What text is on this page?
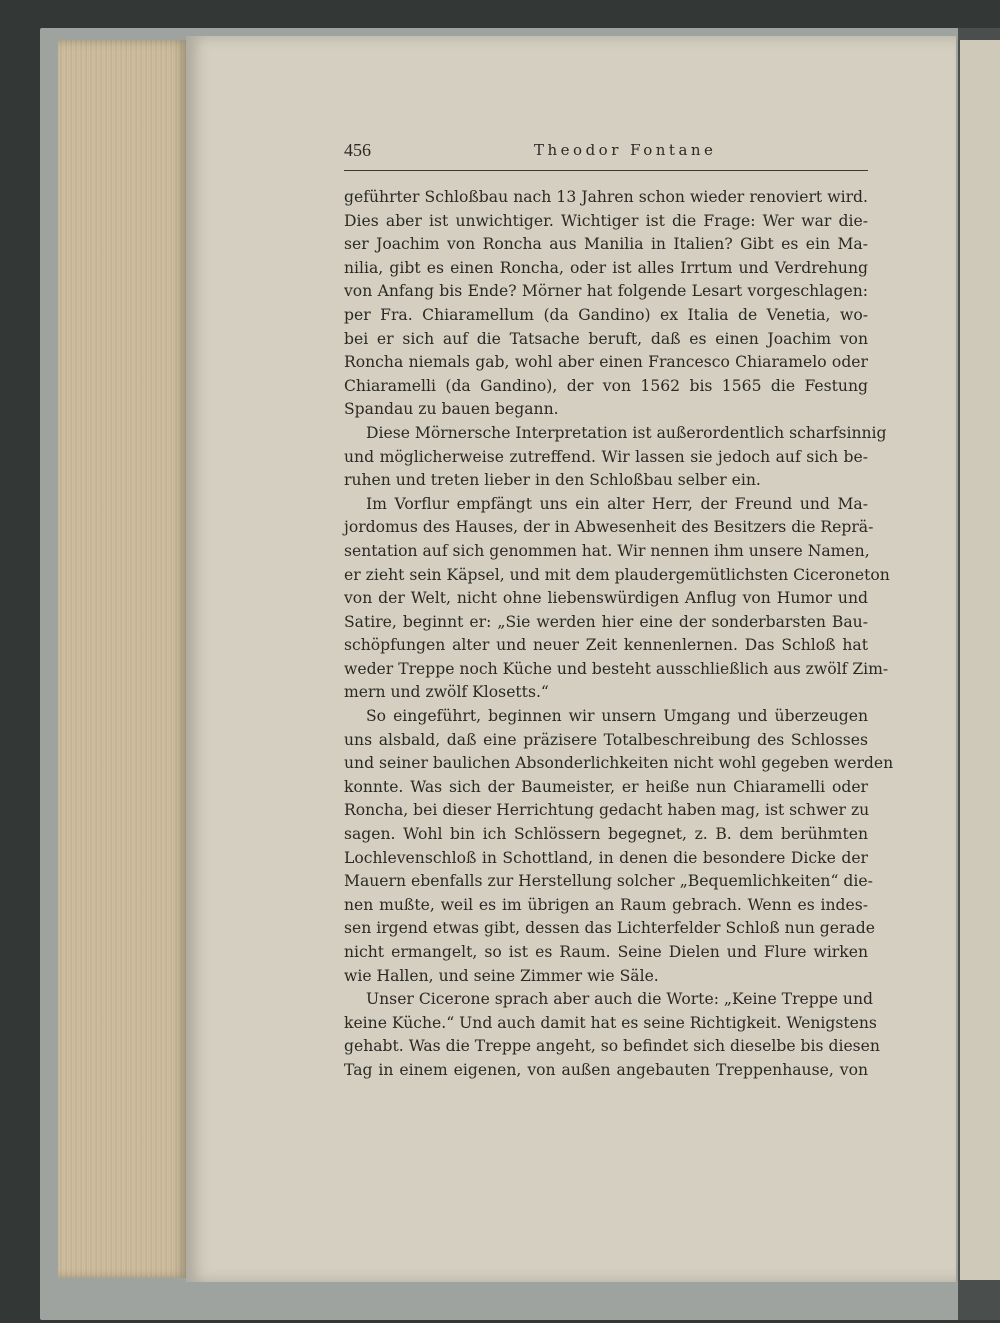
456	Theodor Fontane
geführter Schloßbau nach 13 Jahren schon wieder renoviert wird.
Dies aber ist unwichtiger. Wichtiger ist die Frage: Wer war die-
ser Joachim von Roncha aus Manilia in Italien? Gibt es ein Ma-
nilia, gibt es einen Roncha, oder ist alles Irrtum und Verdrehung
von Anfang bis Ende? Mörner hat folgende Lesart vorgeschlagen:
per Fra. Chiaramellum (da Gandino) ex Italia de Venetia, wo-
bei er sich auf die Tatsache beruft, daß es einen Joachim von
Roncha niemals gab, wohl aber einen Francesco Chiaramelo oder
Chiaramelli (da Gandino), der von 1562 bis 1565 die Festung
Spandau zu bauen begann.
Diese Mörnersche Interpretation ist außerordentlich scharfsinnig
und möglicherweise zutreffend. Wir lassen sie jedoch auf sich be-
ruhen und treten lieber in den Schloßbau selber ein.
Im Vorflur empfängt uns ein alter Herr, der Freund und Ma-
jordomus des Hauses, der in Abwesenheit des Besitzers die Reprä-
sentation auf sich genommen hat. Wir nennen ihm unsere Namen,
er zieht sein Käpsel, und mit dem plaudergemütlichsten Ciceroneton
von der Welt, nicht ohne liebenswürdigen Anflug von Humor und
Satire, beginnt er: „Sie werden hier eine der sonderbarsten Bau-
schöpfungen alter und neuer Zeit kennenlernen. Das Schloß hat
weder Treppe noch Küche und besteht ausschließlich aus zwölf Zim-
mern und zwölf Klosetts.“
So eingeführt, beginnen wir unsern Umgang und überzeugen
uns alsbald, daß eine präzisere Totalbeschreibung des Schlosses
und seiner baulichen Absonderlichkeiten nicht wohl gegeben werden
konnte. Was sich der Baumeister, er heiße nun Chiaramelli oder
Roncha, bei dieser Herrichtung gedacht haben mag, ist schwer zu
sagen. Wohl bin ich Schlössern begegnet, z. B. dem berühmten
Lochlevenschloß in Schottland, in denen die besondere Dicke der
Mauern ebenfalls zur Herstellung solcher „Bequemlichkeiten“ die-
nen mußte, weil es im übrigen an Raum gebrach. Wenn es indes-
sen irgend etwas gibt, dessen das Lichterfelder Schloß nun gerade
nicht ermangelt, so ist es Raum. Seine Dielen und Flure wirken
wie Hallen, und seine Zimmer wie Säle.
Unser Cicerone sprach aber auch die Worte: „Keine Treppe und
keine Küche.“ Und auch damit hat es seine Richtigkeit. Wenigstens
gehabt. Was die Treppe angeht, so befindet sich dieselbe bis diesen
Tag in einem eigenen, von außen angebauten Treppenhause, von
